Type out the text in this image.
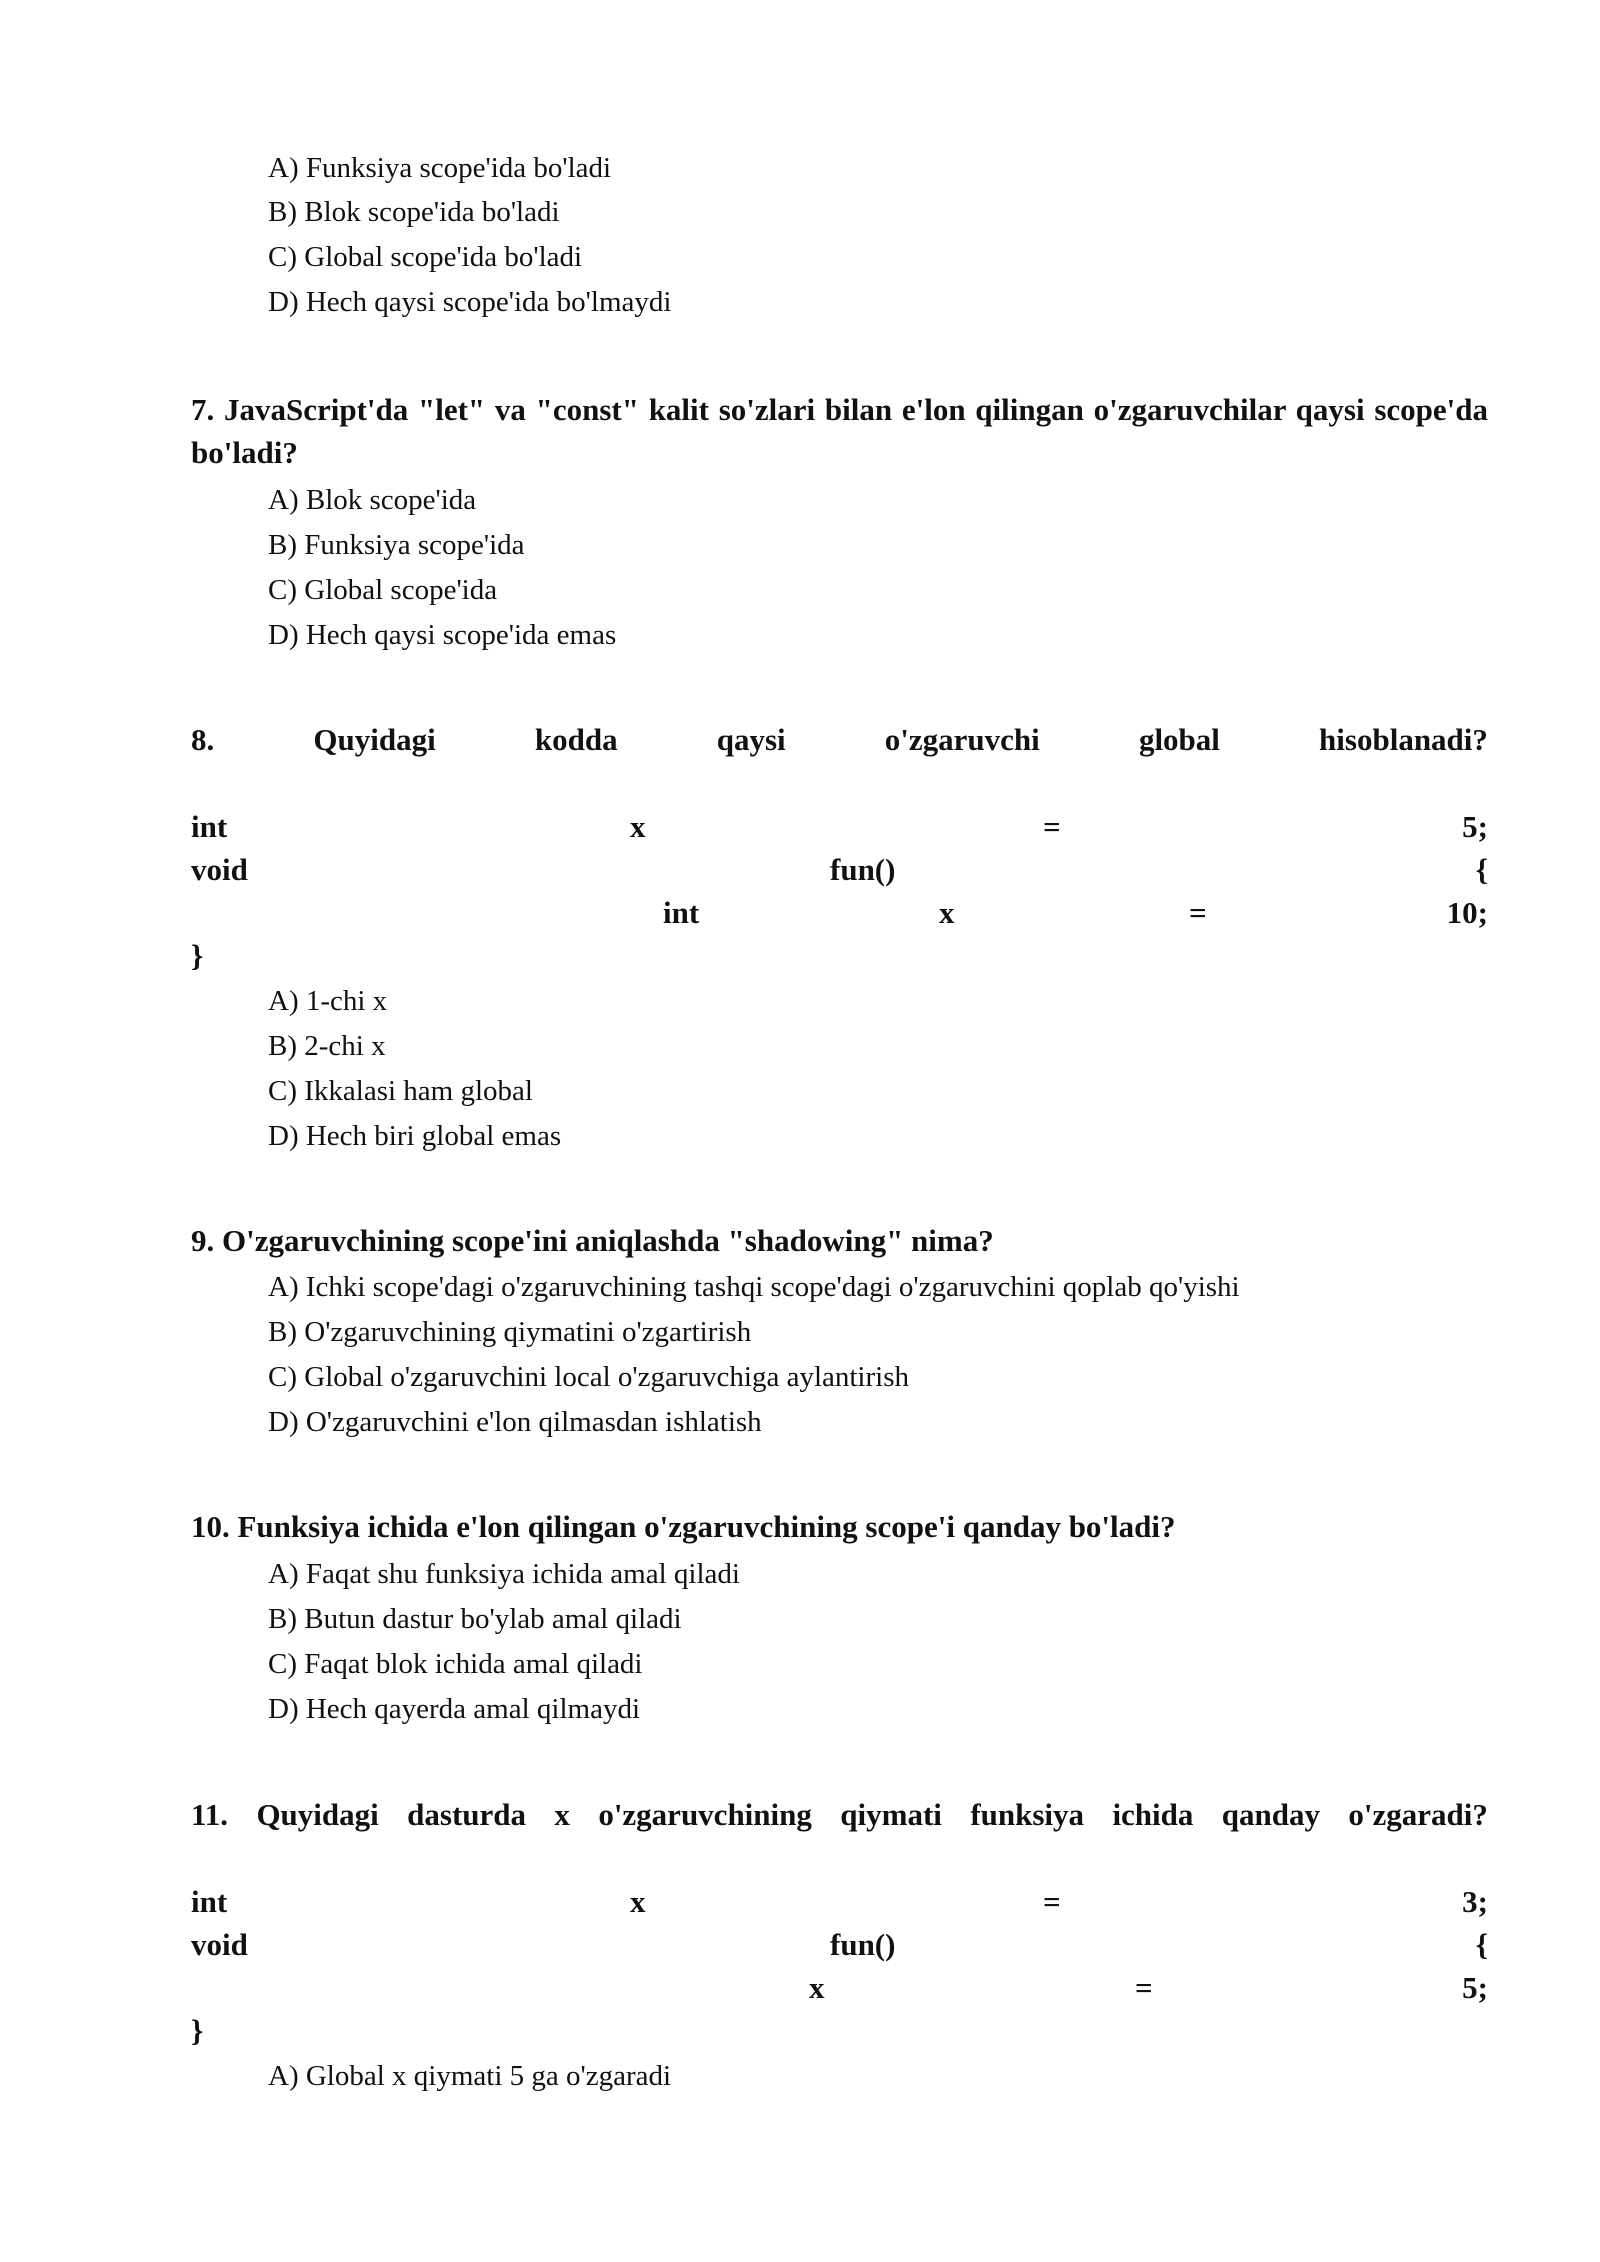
A) Funksiya scope'ida bo'ladi
B) Blok scope'ida bo'ladi
C) Global scope'ida bo'ladi
D) Hech qaysi scope'ida bo'lmaydi
7. JavaScript'da "let" va "const" kalit so'zlari bilan e'lon qilingan o'zgaruvchilar qaysi scope'da bo'ladi?
A) Blok scope'ida
B) Funksiya scope'ida
C) Global scope'ida
D) Hech qaysi scope'ida emas
8.	Quyidagi	kodda	qaysi	o'zgaruvchi	global	hisoblanadi?
int	x	=	5;
void	fun()	{
int	x	=	10;
}
A) 1-chi x
B) 2-chi x
C) Ikkalasi ham global
D) Hech biri global emas
9. O'zgaruvchining scope'ini aniqlashda "shadowing" nima?
A) Ichki scope'dagi o'zgaruvchining tashqi scope'dagi o'zgaruvchini qoplab qo'yishi
B) O'zgaruvchining qiymatini o'zgartirish
C) Global o'zgaruvchini local o'zgaruvchiga aylantirish
D) O'zgaruvchini e'lon qilmasdan ishlatish
10. Funksiya ichida e'lon qilingan o'zgaruvchining scope'i qanday bo'ladi?
A) Faqat shu funksiya ichida amal qiladi
B) Butun dastur bo'ylab amal qiladi
C) Faqat blok ichida amal qiladi
D) Hech qayerda amal qilmaydi
11. Quyidagi dasturda x o'zgaruvchining qiymati funksiya ichida qanday o'zgaradi?
int	x	=	3;
void	fun()	{
x	=	5;
}
A) Global x qiymati 5 ga o'zgaradi
